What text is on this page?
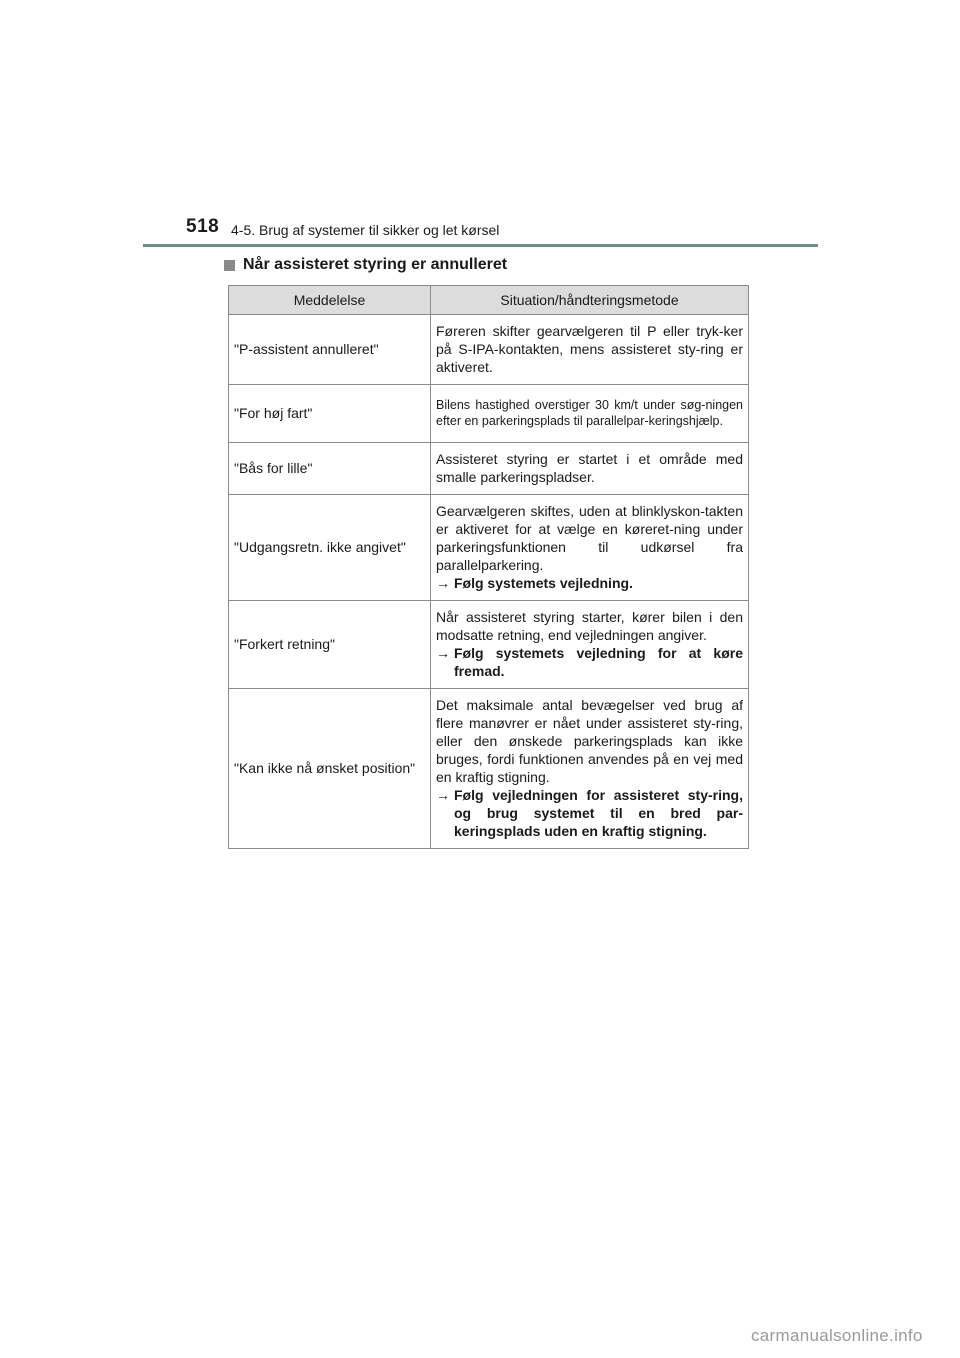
518 4-5. Brug af systemer til sikker og let kørsel
Når assisteret styring er annulleret
Meddelelse	Situation/håndteringsmetode
"P-assistent annulleret"	Føreren skifter gearvælgeren til P eller tryk-ker på S-IPA-kontakten, mens assisteret sty-ring er aktiveret.
"For høj fart"	Bilens hastighed overstiger 30 km/t under søg-ningen efter en parkeringsplads til parallelpar-keringshjælp.
"Bås for lille"	Assisteret styring er startet i et område med smalle parkeringspladser.
"Udgangsretn. ikke angivet"	Gearvælgeren skiftes, uden at blinklyskon-takten er aktiveret for at vælge en køreret-ning under parkeringsfunktionen til udkørsel fra parallelparkering.
→ Følg systemets vejledning.

"Forkert retning"	Når assisteret styring starter, kører bilen i den modsatte retning, end vejledningen angiver.
→ Følg systemets vejledning for at køre fremad.

"Kan ikke nå ønsket position"	Det maksimale antal bevægelser ved brug af flere manøvrer er nået under assisteret sty-ring, eller den ønskede parkeringsplads kan ikke bruges, fordi funktionen anvendes på en vej med en kraftig stigning.
→ Følg vejledningen for assisteret sty-ring, og brug systemet til en bred par-keringsplads uden en kraftig stigning.
carmanualsonline.info
